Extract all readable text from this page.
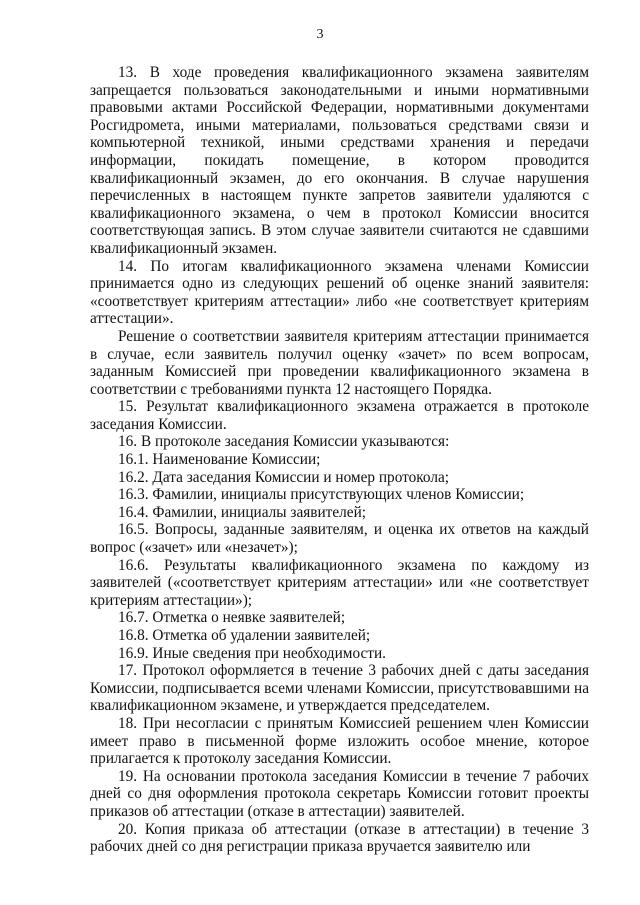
3

13. В ходе проведения квалификационного экзамена заявителям запрещается пользоваться законодательными и иными нормативными правовыми актами Российской Федерации, нормативными документами Росгидромета, иными материалами, пользоваться средствами связи и компьютерной техникой, иными средствами хранения и передачи информации, покидать помещение, в котором проводится квалификационный экзамен, до его окончания. В случае нарушения перечисленных в настоящем пункте запретов заявители удаляются с квалификационного экзамена, о чем в протокол Комиссии вносится соответствующая запись. В этом случае заявители считаются не сдавшими квалификационный экзамен.

14. По итогам квалификационного экзамена членами Комиссии принимается одно из следующих решений об оценке знаний заявителя: «соответствует критериям аттестации» либо «не соответствует критериям аттестации».

Решение о соответствии заявителя критериям аттестации принимается в случае, если заявитель получил оценку «зачет» по всем вопросам, заданным Комиссией при проведении квалификационного экзамена в соответствии с требованиями пункта 12 настоящего Порядка.

15. Результат квалификационного экзамена отражается в протоколе заседания Комиссии.

16. В протоколе заседания Комиссии указываются:

16.1. Наименование Комиссии;

16.2. Дата заседания Комиссии и номер протокола;

16.3. Фамилии, инициалы присутствующих членов Комиссии;

16.4. Фамилии, инициалы заявителей;

16.5. Вопросы, заданные заявителям, и оценка их ответов на каждый вопрос («зачет» или «незачет»);

16.6. Результаты квалификационного экзамена по каждому из заявителей («соответствует критериям аттестации» или «не соответствует критериям аттестации»);

16.7. Отметка о неявке заявителей;

16.8. Отметка об удалении заявителей;

16.9. Иные сведения при необходимости.

17. Протокол оформляется в течение 3 рабочих дней с даты заседания Комиссии, подписывается всеми членами Комиссии, присутствовавшими на квалификационном экзамене, и утверждается председателем.

18. При несогласии с принятым Комиссией решением член Комиссии имеет право в письменной форме изложить особое мнение, которое прилагается к протоколу заседания Комиссии.

19. На основании протокола заседания Комиссии в течение 7 рабочих дней со дня оформления протокола секретарь Комиссии готовит проекты приказов об аттестации (отказе в аттестации) заявителей.

20. Копия приказа об аттестации (отказе в аттестации) в течение 3 рабочих дней со дня регистрации приказа вручается заявителю или
